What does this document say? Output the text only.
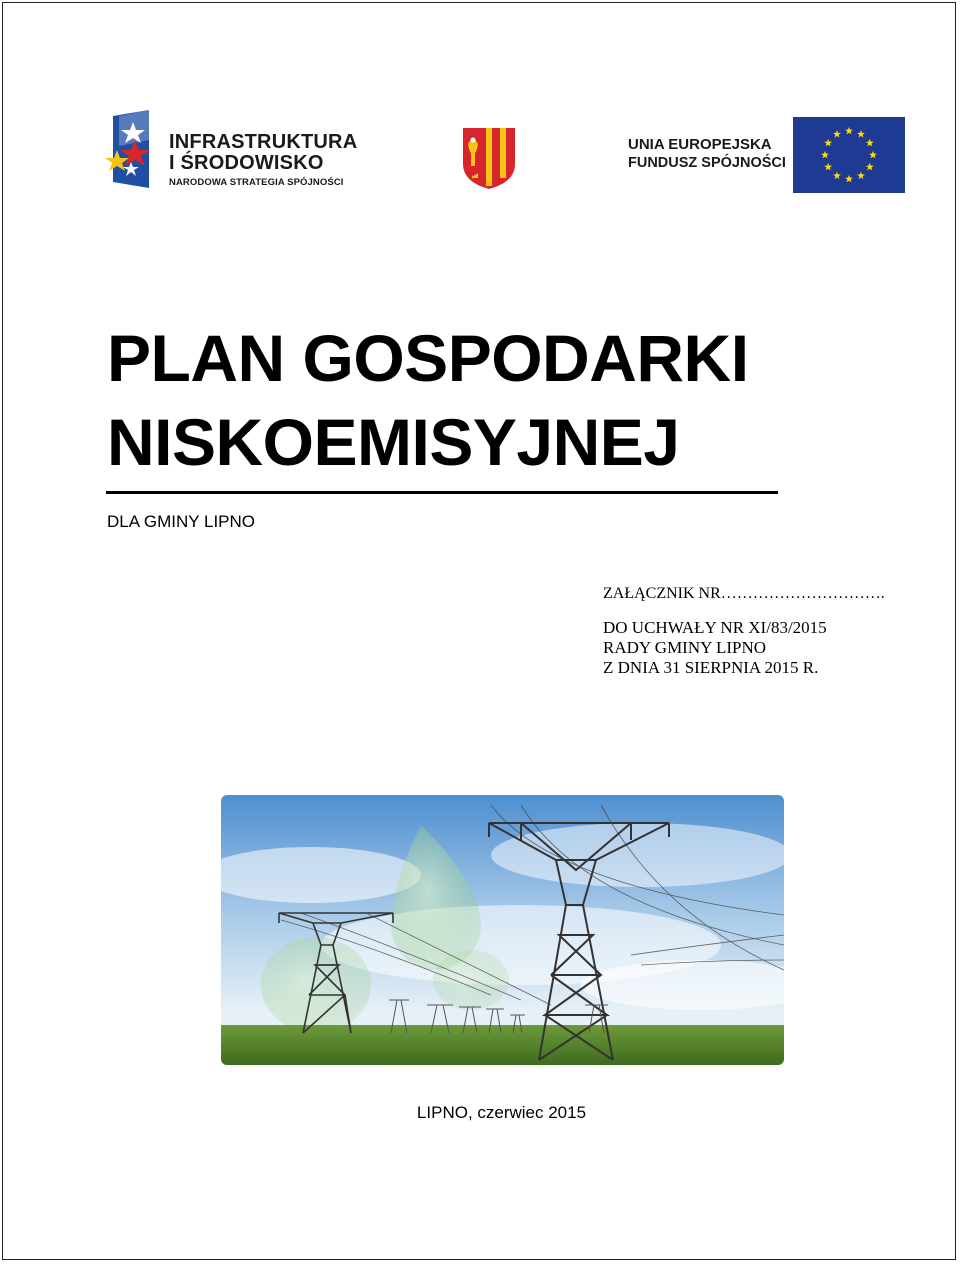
INFRASTRUKTURA
I ŚRODOWISKO
NARODOWA STRATEGIA SPÓJNOŚCI
UNIA EUROPEJSKA
FUNDUSZ SPÓJNOŚCI
PLAN GOSPODARKI
NISKOEMISYJNEJ
DLA GMINY LIPNO
ZAŁĄCZNIK NR………………………….
DO UCHWAŁY NR XI/83/2015
RADY GMINY LIPNO
Z DNIA 31 SIERPNIA 2015 R.
LIPNO, czerwiec 2015
